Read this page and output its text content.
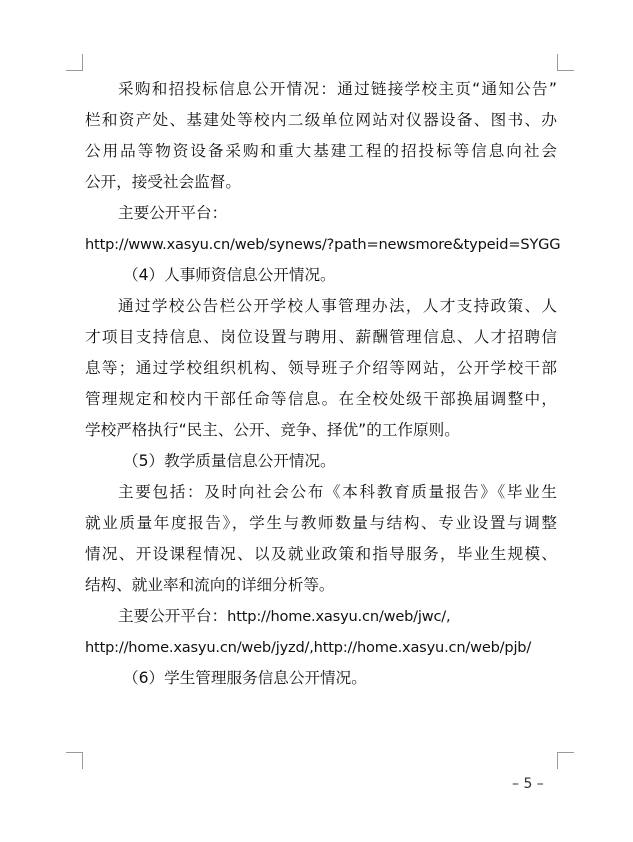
采购和招投标信息公开情况：通过链接学校主页“通知公告”
栏和资产处、基建处等校内二级单位网站对仪器设备、图书、办
公用品等物资设备采购和重大基建工程的招投标等信息向社会
公开，接受社会监督。
主要公开平台：
http://www.xasyu.cn/web/synews/?path=newsmore&typeid=SYGG
（4）人事师资信息公开情况。
通过学校公告栏公开学校人事管理办法，人才支持政策、人
才项目支持信息、岗位设置与聘用、薪酬管理信息、人才招聘信
息等；通过学校组织机构、领导班子介绍等网站，公开学校干部
管理规定和校内干部任命等信息。在全校处级干部换届调整中，
学校严格执行“民主、公开、竞争、择优”的工作原则。
（5）教学质量信息公开情况。
主要包括：及时向社会公布《本科教育质量报告》《毕业生
就业质量年度报告》，学生与教师数量与结构、专业设置与调整
情况、开设课程情况、以及就业政策和指导服务，毕业生规模、
结构、就业率和流向的详细分析等。
主要公开平台：http://home.xasyu.cn/web/jwc/,
http://home.xasyu.cn/web/jyzd/,http://home.xasyu.cn/web/pjb/
（6）学生管理服务信息公开情况。
– 5 –
